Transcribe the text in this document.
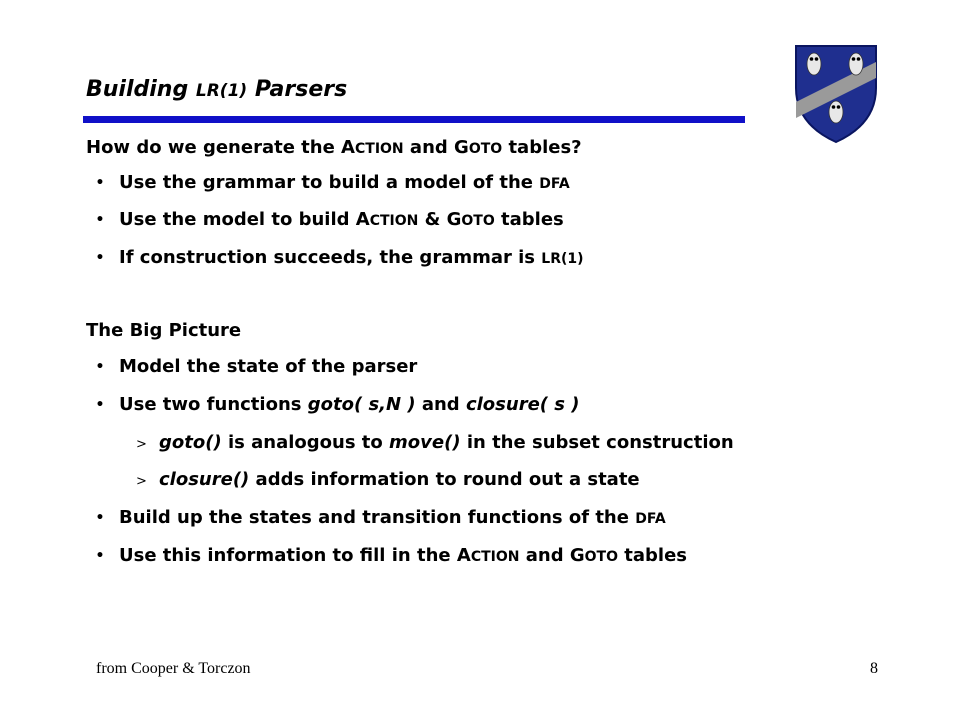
Building LR(1) Parsers
How do we generate the ACTION and GOTO tables?
• Use the grammar to build a model of the DFA
• Use the model to build ACTION & GOTO tables
• If construction succeeds, the grammar is LR(1)
The Big Picture
• Model the state of the parser
• Use two functions goto( s,N ) and closure( s )
> goto() is analogous to move() in the subset construction
> closure() adds information to round out a state
• Build up the states and transition functions of the DFA
• Use this information to fill in the ACTION and GOTO tables
from Cooper & Torczon	8
